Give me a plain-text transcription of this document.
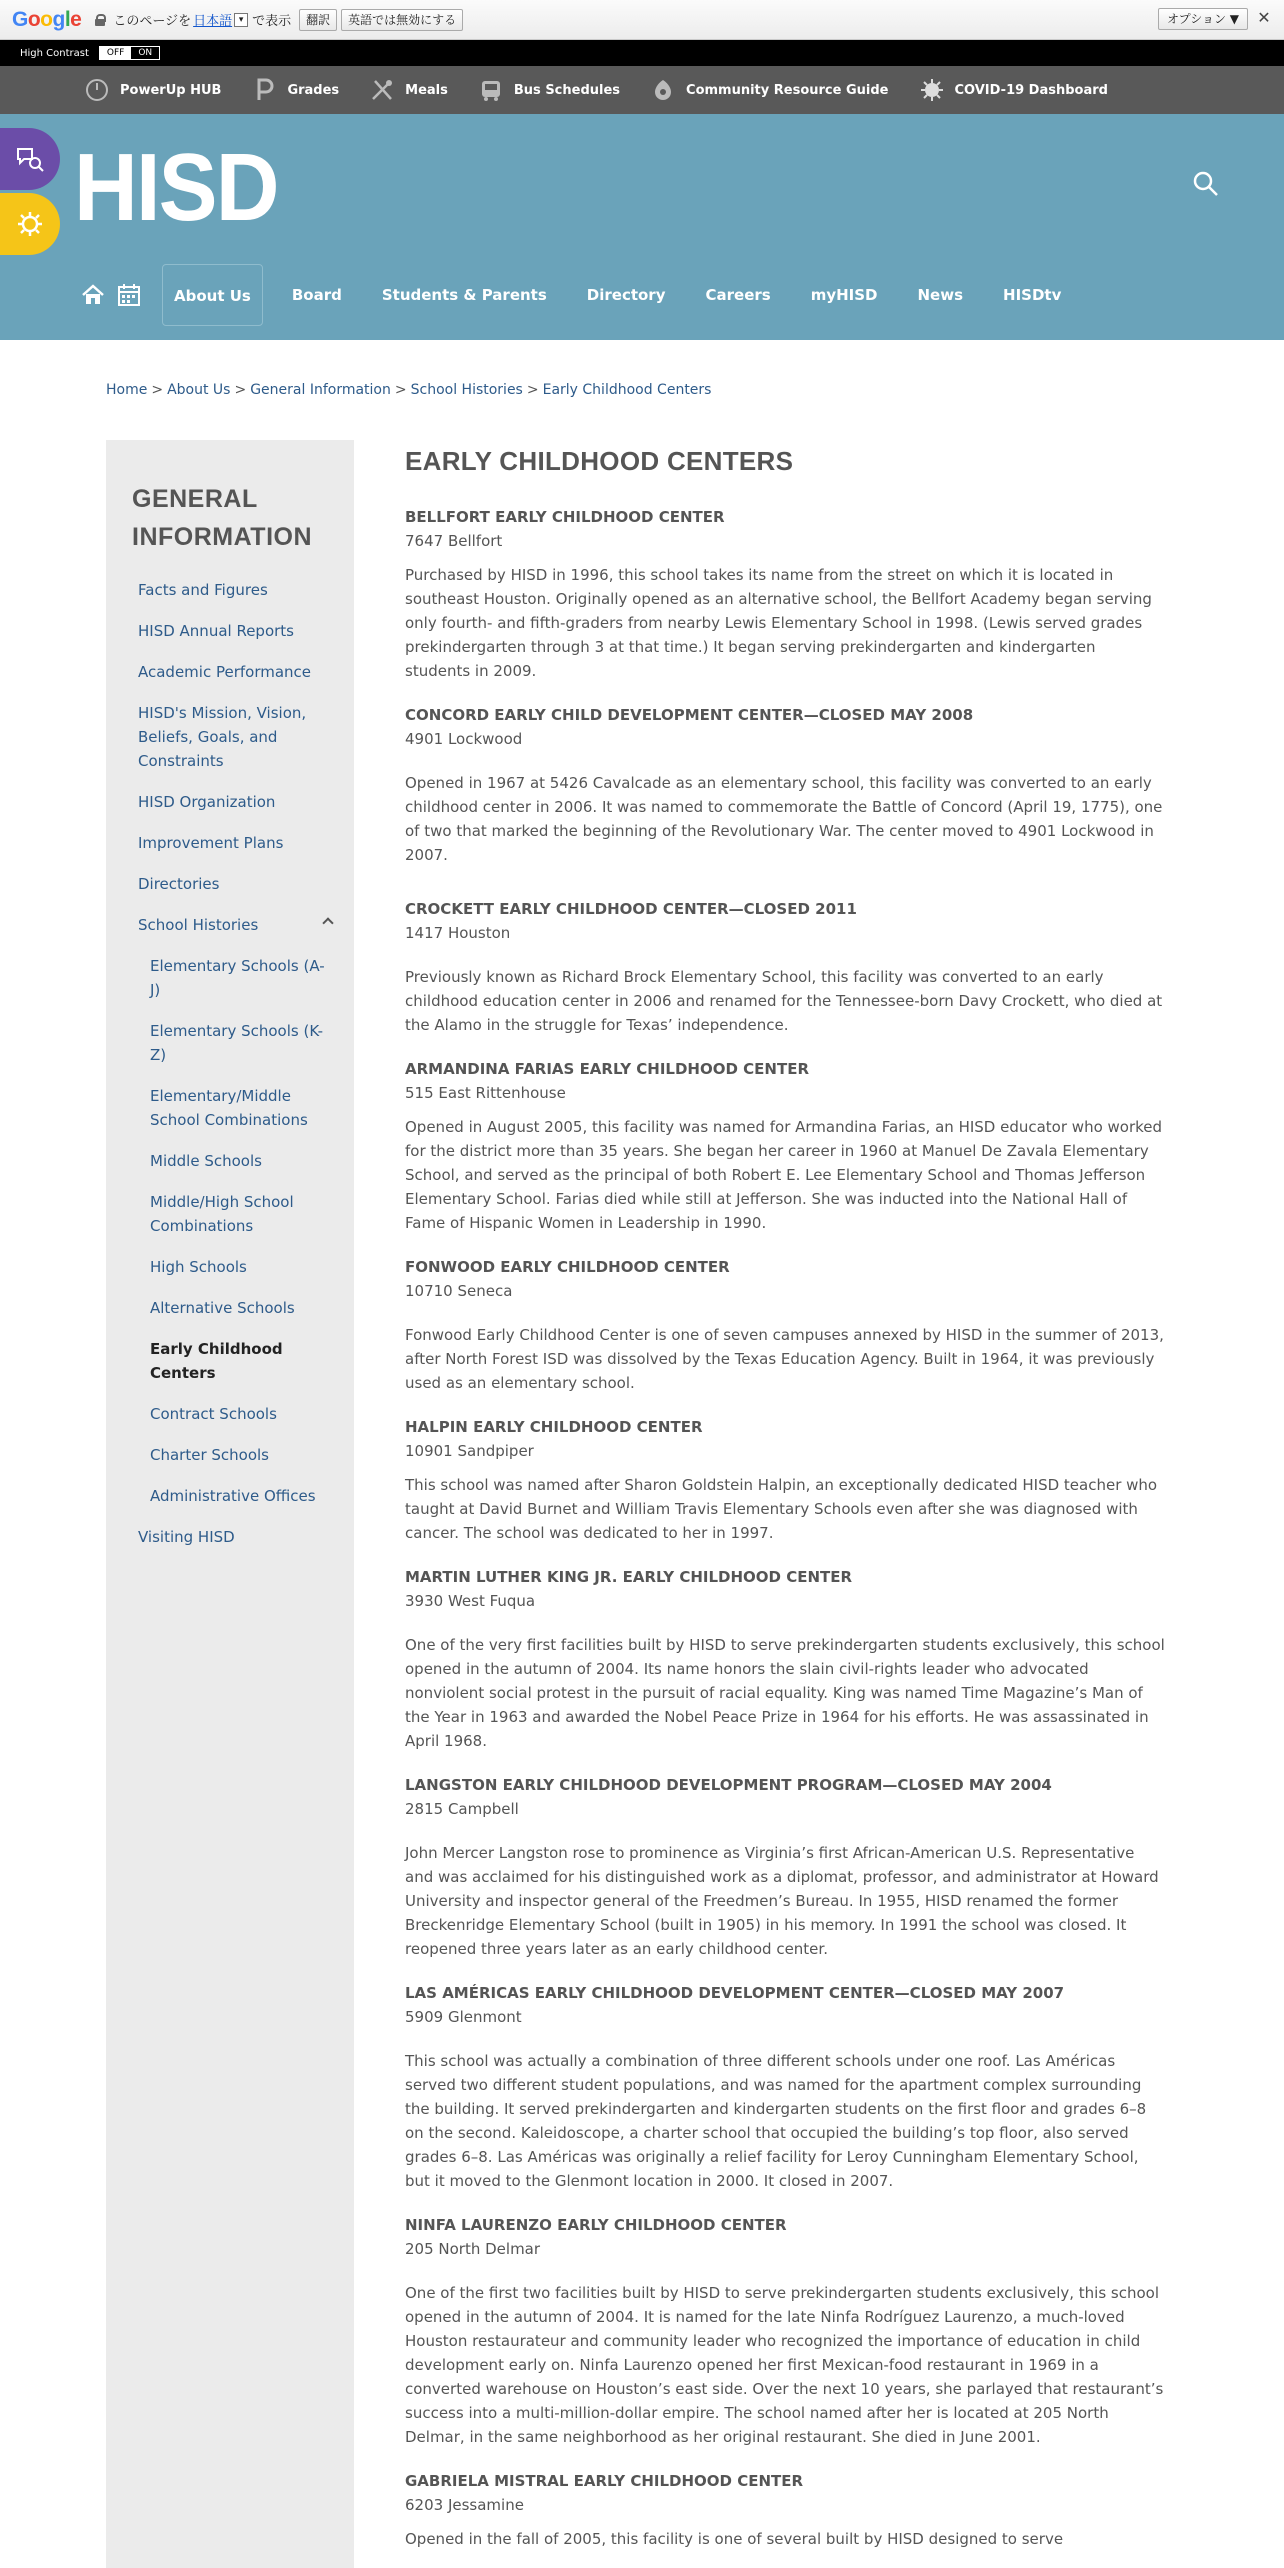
Google このページを 日本語 ▾ で表示	翻訳	英語では無効にする	オプション ▼	✕
High Contrast	OFF	ON
PowerUp HUB	Grades	Meals	Bus Schedules	Community Resource Guide	COVID-19 Dashboard
HISD
About Us	Board	Students & Parents	Directory	Careers	myHISD	News	HISDtv
Home > About Us > General Information > School Histories > Early Childhood Centers
GENERAL
INFORMATION
Facts and Figures
HISD Annual Reports
Academic Performance
HISD's Mission, Vision, Beliefs, Goals, and Constraints
HISD Organization
Improvement Plans
Directories
School Histories
Elementary Schools (A-J)
Elementary Schools (K-Z)
Elementary/Middle School Combinations
Middle Schools
Middle/High School Combinations
High Schools
Alternative Schools
Early Childhood Centers
Contract Schools
Charter Schools
Administrative Offices
Visiting HISD
EARLY CHILDHOOD CENTERS
BELLFORT EARLY CHILDHOOD CENTER
7647 Bellfort

Purchased by HISD in 1996, this school takes its name from the street on which it is located in southeast Houston. Originally opened as an alternative school, the Bellfort Academy began serving only fourth- and fifth-graders from nearby Lewis Elementary School in 1998. (Lewis served grades prekindergarten through 3 at that time.) It began serving prekindergarten and kindergarten students in 2009.

CONCORD EARLY CHILD DEVELOPMENT CENTER—CLOSED MAY 2008
4901 Lockwood

Opened in 1967 at 5426 Cavalcade as an elementary school, this facility was converted to an early childhood center in 2006. It was named to commemorate the Battle of Concord (April 19, 1775), one of two that marked the beginning of the Revolutionary War. The center moved to 4901 Lockwood in 2007.

CROCKETT EARLY CHILDHOOD CENTER—CLOSED 2011
1417 Houston

Previously known as Richard Brock Elementary School, this facility was converted to an early childhood education center in 2006 and renamed for the Tennessee-born Davy Crockett, who died at the Alamo in the struggle for Texas’ independence.

ARMANDINA FARIAS EARLY CHILDHOOD CENTER
515 East Rittenhouse

Opened in August 2005, this facility was named for Armandina Farias, an HISD educator who worked for the district more than 35 years. She began her career in 1960 at Manuel De Zavala Elementary School, and served as the principal of both Robert E. Lee Elementary School and Thomas Jefferson Elementary School. Farias died while still at Jefferson. She was inducted into the National Hall of Fame of Hispanic Women in Leadership in 1990.

FONWOOD EARLY CHILDHOOD CENTER
10710 Seneca

Fonwood Early Childhood Center is one of seven campuses annexed by HISD in the summer of 2013, after North Forest ISD was dissolved by the Texas Education Agency. Built in 1964, it was previously used as an elementary school.

HALPIN EARLY CHILDHOOD CENTER
10901 Sandpiper

This school was named after Sharon Goldstein Halpin, an exceptionally dedicated HISD teacher who taught at David Burnet and William Travis Elementary Schools even after she was diagnosed with cancer. The school was dedicated to her in 1997.

MARTIN LUTHER KING JR. EARLY CHILDHOOD CENTER
3930 West Fuqua

One of the very first facilities built by HISD to serve prekindergarten students exclusively, this school opened in the autumn of 2004. Its name honors the slain civil-rights leader who advocated nonviolent social protest in the pursuit of racial equality. King was named Time Magazine’s Man of the Year in 1963 and awarded the Nobel Peace Prize in 1964 for his efforts. He was assassinated in April 1968.

LANGSTON EARLY CHILDHOOD DEVELOPMENT PROGRAM—CLOSED MAY 2004
2815 Campbell

John Mercer Langston rose to prominence as Virginia’s first African-American U.S. Representative and was acclaimed for his distinguished work as a diplomat, professor, and administrator at Howard University and inspector general of the Freedmen’s Bureau. In 1955, HISD renamed the former Breckenridge Elementary School (built in 1905) in his memory. In 1991 the school was closed. It reopened three years later as an early childhood center.

LAS AMÉRICAS EARLY CHILDHOOD DEVELOPMENT CENTER—CLOSED MAY 2007
5909 Glenmont

This school was actually a combination of three different schools under one roof. Las Américas served two different student populations, and was named for the apartment complex surrounding the building. It served prekindergarten and kindergarten students on the first floor and grades 6–8 on the second. Kaleidoscope, a charter school that occupied the building’s top floor, also served grades 6–8. Las Américas was originally a relief facility for Leroy Cunningham Elementary School, but it moved to the Glenmont location in 2000. It closed in 2007.

NINFA LAURENZO EARLY CHILDHOOD CENTER
205 North Delmar

One of the first two facilities built by HISD to serve prekindergarten students exclusively, this school opened in the autumn of 2004. It is named for the late Ninfa Rodríguez Laurenzo, a much-loved Houston restaurateur and community leader who recognized the importance of education in child development early on. Ninfa Laurenzo opened her first Mexican-food restaurant in 1969 in a converted warehouse on Houston’s east side. Over the next 10 years, she parlayed that restaurant’s success into a multi-million-dollar empire. The school named after her is located at 205 North Delmar, in the same neighborhood as her original restaurant. She died in June 2001.

GABRIELA MISTRAL EARLY CHILDHOOD CENTER
6203 Jessamine

Opened in the fall of 2005, this facility is one of several built by HISD designed to serve
